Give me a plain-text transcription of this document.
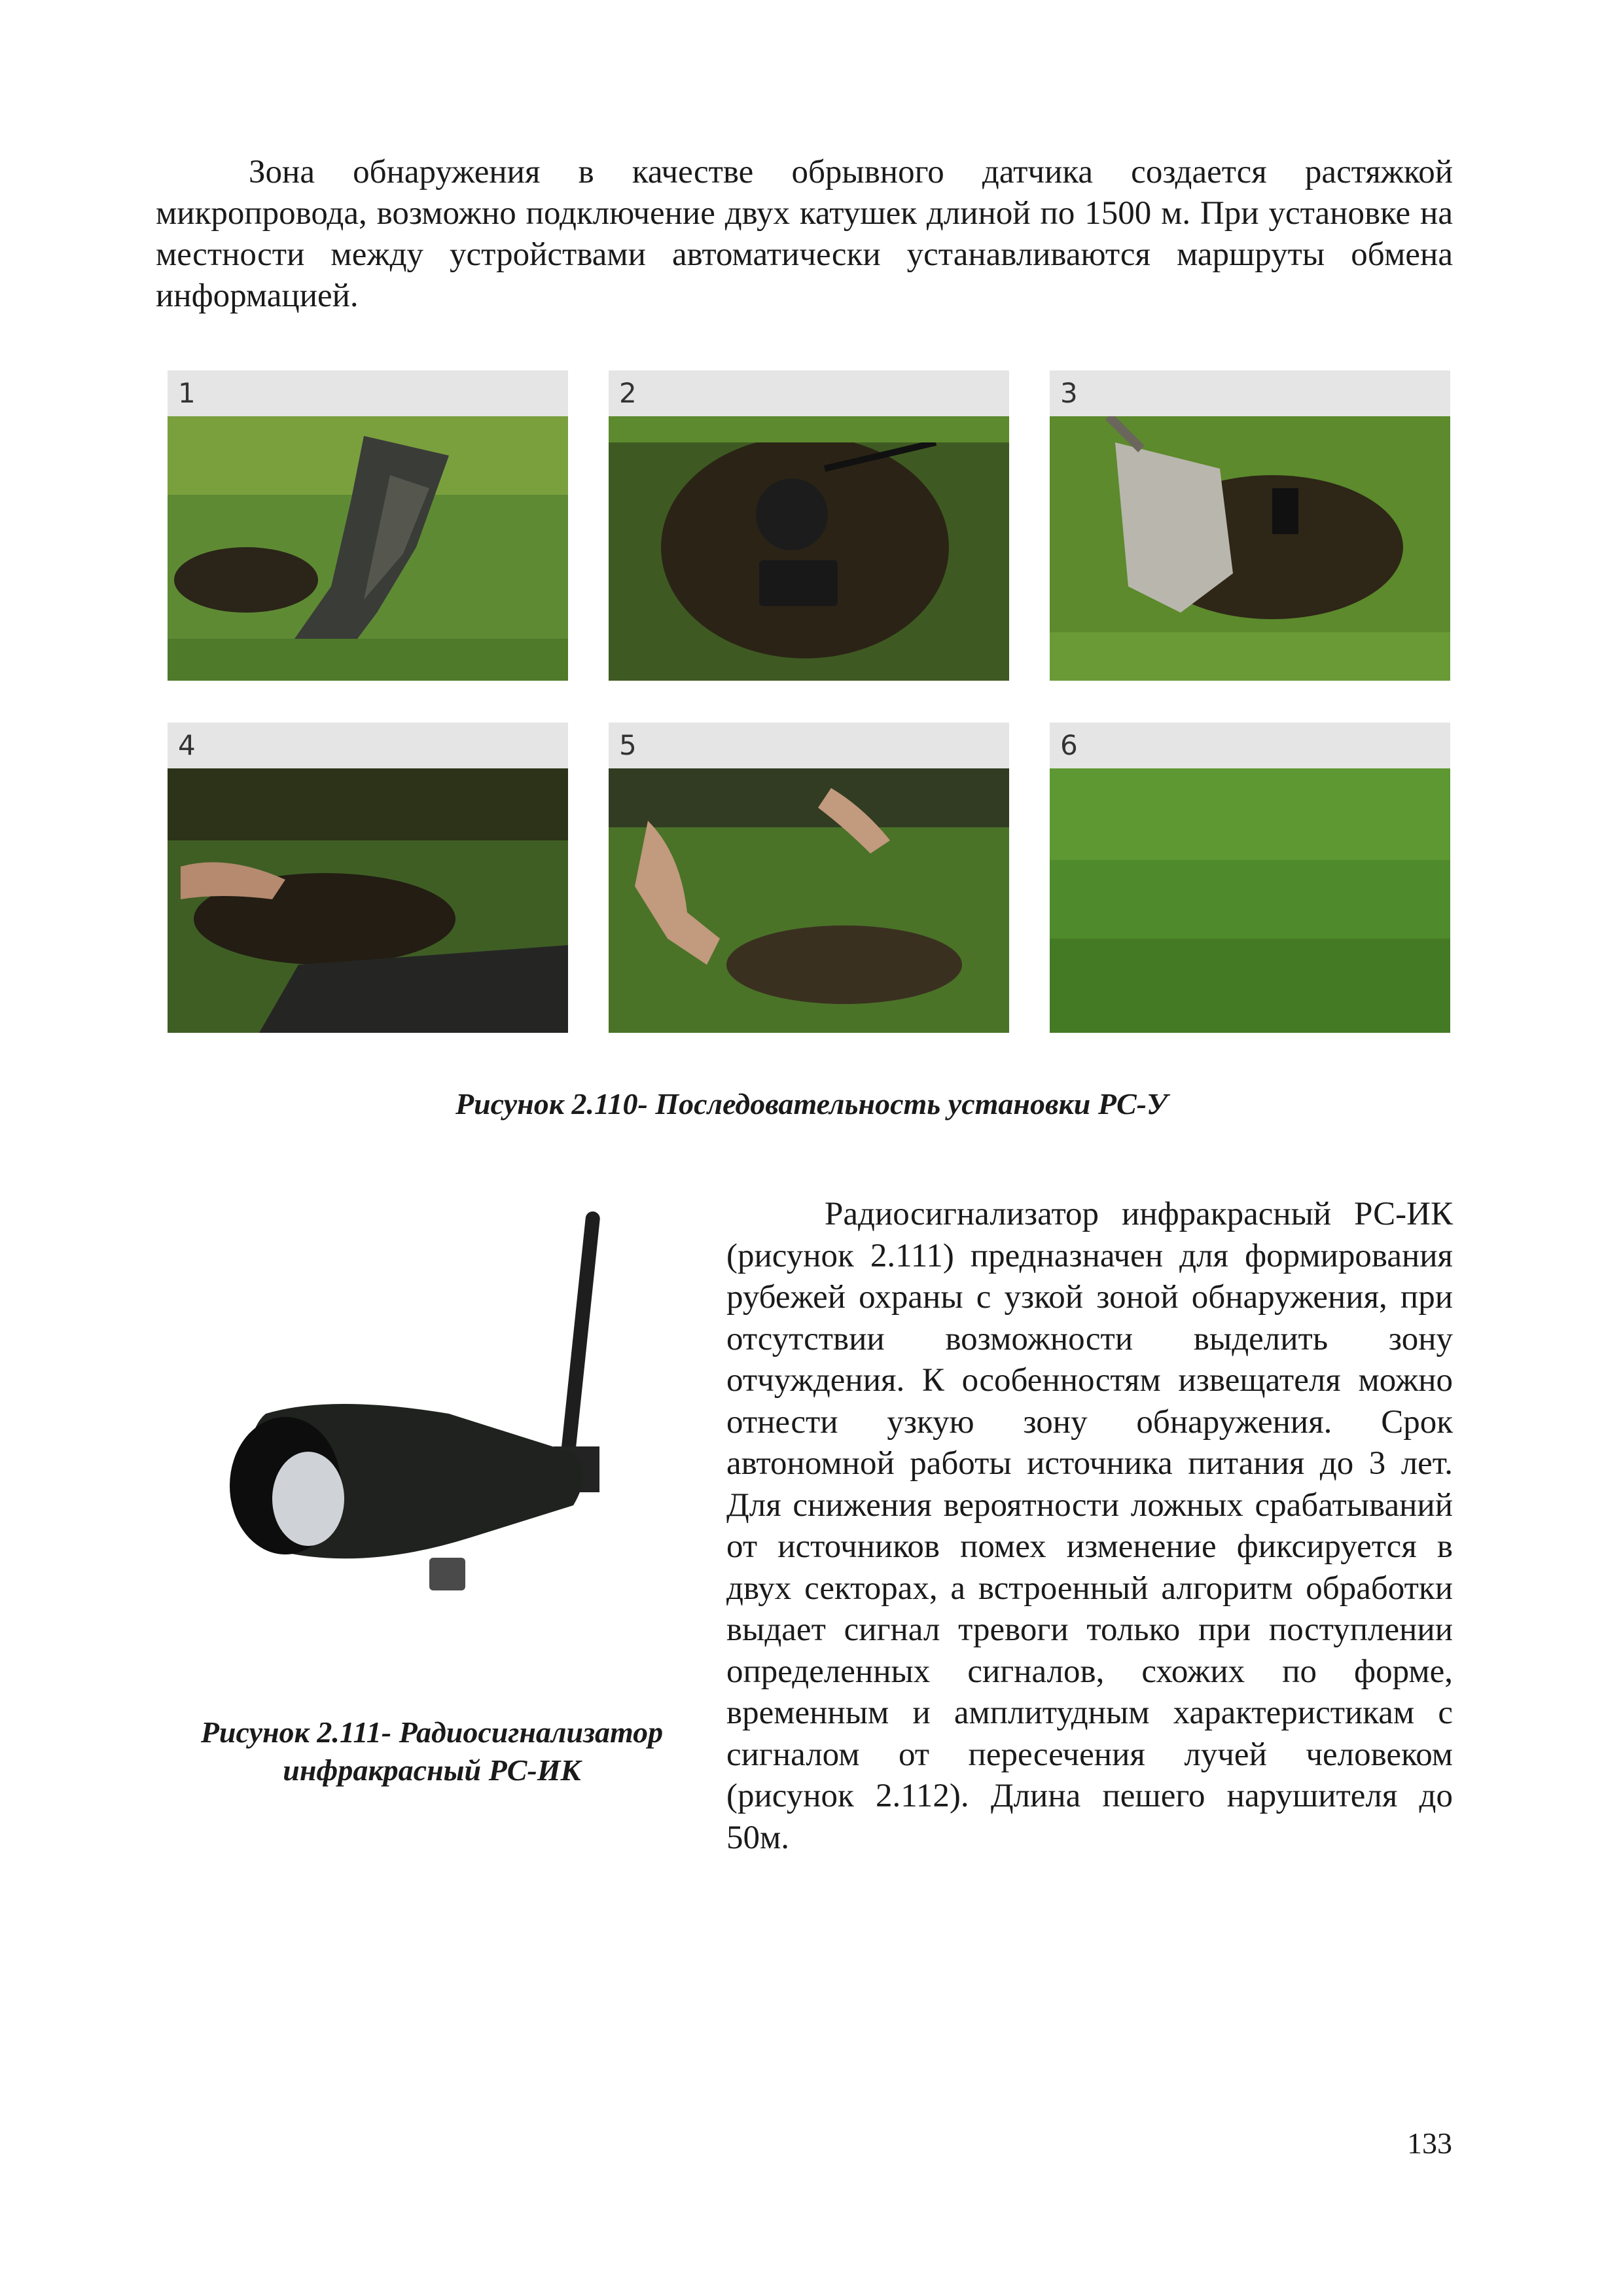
Зона обнаружения в качестве обрывного датчика создается растяжкой микропровода, возможно подключение двух катушек длиной по 1500 м. При установке на местности между устройствами автоматически устанавливаются маршруты обмена информацией.

1	2	3
4	5	6

Рисунок 2.110- Последовательность установки РС-У

Рисунок 2.111- Радиосигнализатор
инфракрасный РС-ИК

Радиосигнализатор инфракрасный РС-ИК (рисунок 2.111) предназначен для формирования рубежей охраны с узкой зоной обнаружения, при отсутствии возможности выделить зону отчуждения. К особенностям извещателя можно отнести узкую зону обнаружения. Срок автономной работы источника питания до 3 лет. Для снижения вероятности ложных срабатываний от источников помех изменение фиксируется в двух секторах, а встроенный алгоритм обработки выдает сигнал тревоги только при поступлении определенных сигналов, схожих по форме, временным и амплитудным характеристикам с сигналом от пересечения лучей человеком (рисунок 2.112). Длина пешего нарушителя до 50м.

133
